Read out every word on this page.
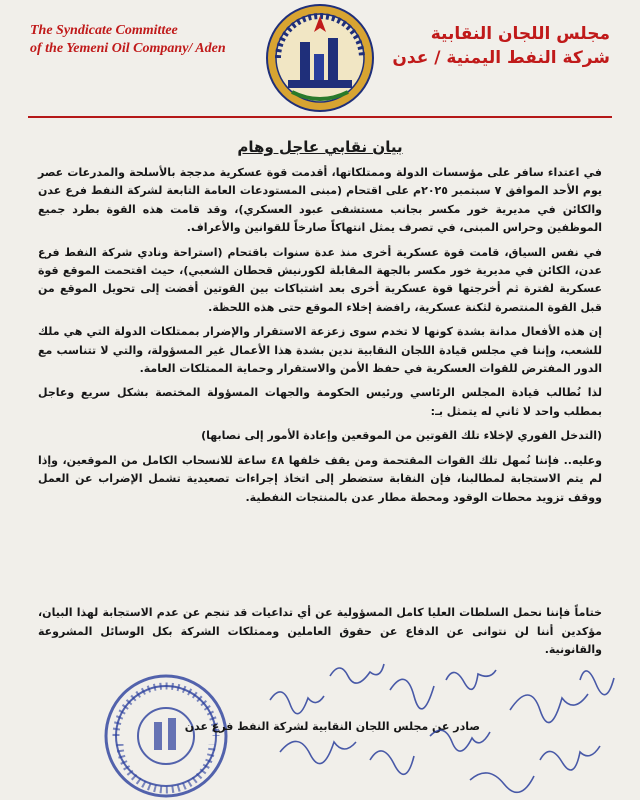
The Syndicate Committee
of the Yemeni Oil Company/ Aden
مجلس اللجان النقابية
شركة النفط اليمنية / عدن
بيان نقابي عاجل وهام

في اعتداء سافر على مؤسسات الدولة وممتلكاتها، أقدمت قوة عسكرية مدججة بالأسلحة والمدرعات عصر يوم الأحد الموافق ٧ سبتمبر ٢٠٢٥م على اقتحام (مبنى المستودعات العامة التابعة لشركة النفط فرع عدن والكائن في مديرية خور مكسر بجانب مستشفى عبود العسكري)، وقد قامت هذه القوة بطرد جميع الموظفين وحراس المبنى، في تصرف يمثل انتهاكاً صارخاً للقوانين والأعراف.

في نفس السياق، قامت قوة عسكرية أخرى منذ عدة سنوات باقتحام (استراحة ونادي شركة النفط فرع عدن، الكائن في مديرية خور مكسر بالجهة المقابلة لكورنيش قحطان الشعبي)، حيث اقتحمت الموقع قوة عسكرية لفترة ثم أخرجتها قوة عسكرية أخرى بعد اشتباكات بين القوتين أفضت إلى تحويل الموقع من قبل القوة المنتصرة لثكنة عسكرية، رافضة إخلاء الموقع حتى هذه اللحظة.

إن هذه الأفعال مدانة بشدة كونها لا تخدم سوى زعزعة الاستقرار والإضرار بممتلكات الدولة التي هي ملك للشعب، وإننا في مجلس قيادة اللجان النقابية ندين بشدة هذا الأعمال غير المسؤولة، والتي لا تتناسب مع الدور المفترض للقوات العسكرية في حفظ الأمن والاستقرار وحماية الممتلكات العامة.

لذا نُطالب قيادة المجلس الرئاسي ورئيس الحكومة والجهات المسؤولة المختصة بشكل سريع وعاجل بمطلب واحد لا ثاني له يتمثل بـ:

(التدخل الفوري لإخلاء تلك القوتين من الموقعين وإعادة الأمور إلى نصابها)

وعليه.. فإننا نُمهل تلك القوات المقتحمة ومن يقف خلفها ٤٨ ساعة للانسحاب الكامل من الموقعين، وإذا لم يتم الاستجابة لمطالبنا، فإن النقابة ستضطر إلى اتخاذ إجراءات تصعيدية تشمل الإضراب عن العمل ووقف تزويد محطات الوقود ومحطة مطار عدن بالمنتجات النفطية.

ختاماً فإننا نحمل السلطات العليا كامل المسؤولية عن أي تداعيات قد تنجم عن عدم الاستجابة لهذا البيان، مؤكدين أننا لن نتوانى عن الدفاع عن حقوق العاملين وممتلكات الشركة بكل الوسائل المشروعة والقانونية.

صادر عن مجلس اللجان النقابية لشركة النفط فرع عدن
